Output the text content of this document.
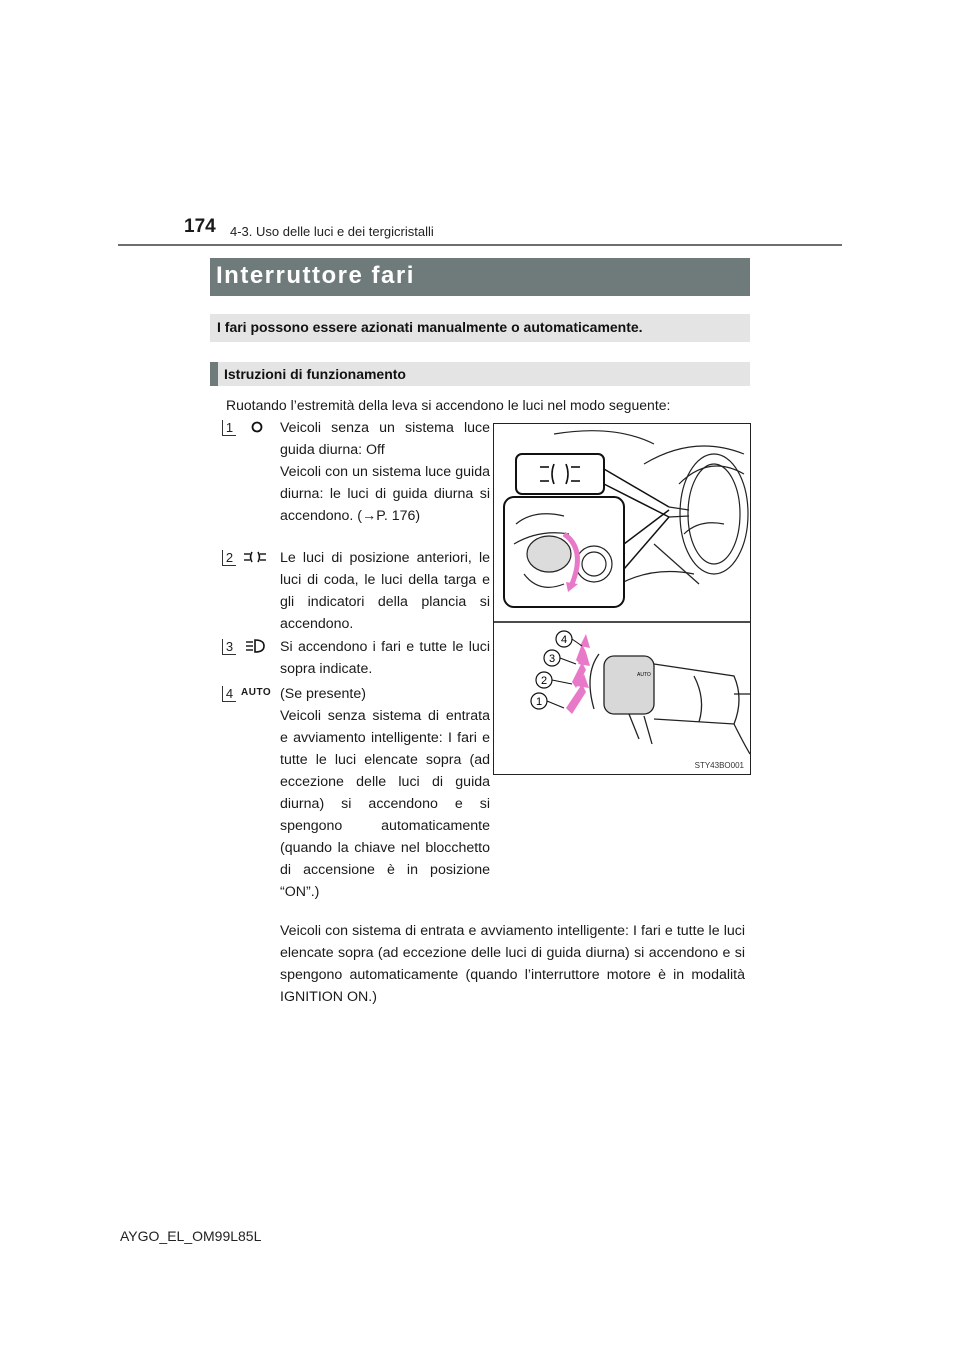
174 4-3. Uso delle luci e dei tergicristalli
Interruttore fari
I fari possono essere azionati manualmente o automaticamente.
Istruzioni di funzionamento
Ruotando l’estremità della leva si accendono le luci nel modo seguente:
1	Veicoli senza un sistema luce guida diurna: Off

Veicoli con un sistema luce guida diurna: le luci di guida diurna si accendono. (→P. 176)

2	Le luci di posizione anteriori, le luci di coda, le luci della targa e gli indicatori della plancia si accendono.

3	Si accendono i fari e tutte le luci sopra indicate.

4 AUTO (Se presente)

Veicoli senza sistema di entrata e avviamento intelligente: I fari e tutte le luci elencate sopra (ad eccezione delle luci di guida diurna) si accendono e si spengono automaticamente (quando la chiave nel blocchetto di accensione è in posizione “ON”.)

Veicoli con sistema di entrata e avviamento intelligente: I fari e tutte le luci elencate sopra (ad eccezione delle luci di guida diurna) si accendono e si spengono automaticamente (quando l’interruttore motore è in modalità IGNITION ON.)

4
3
2
1
AUTO
STY43BO001
AYGO_EL_OM99L85L
